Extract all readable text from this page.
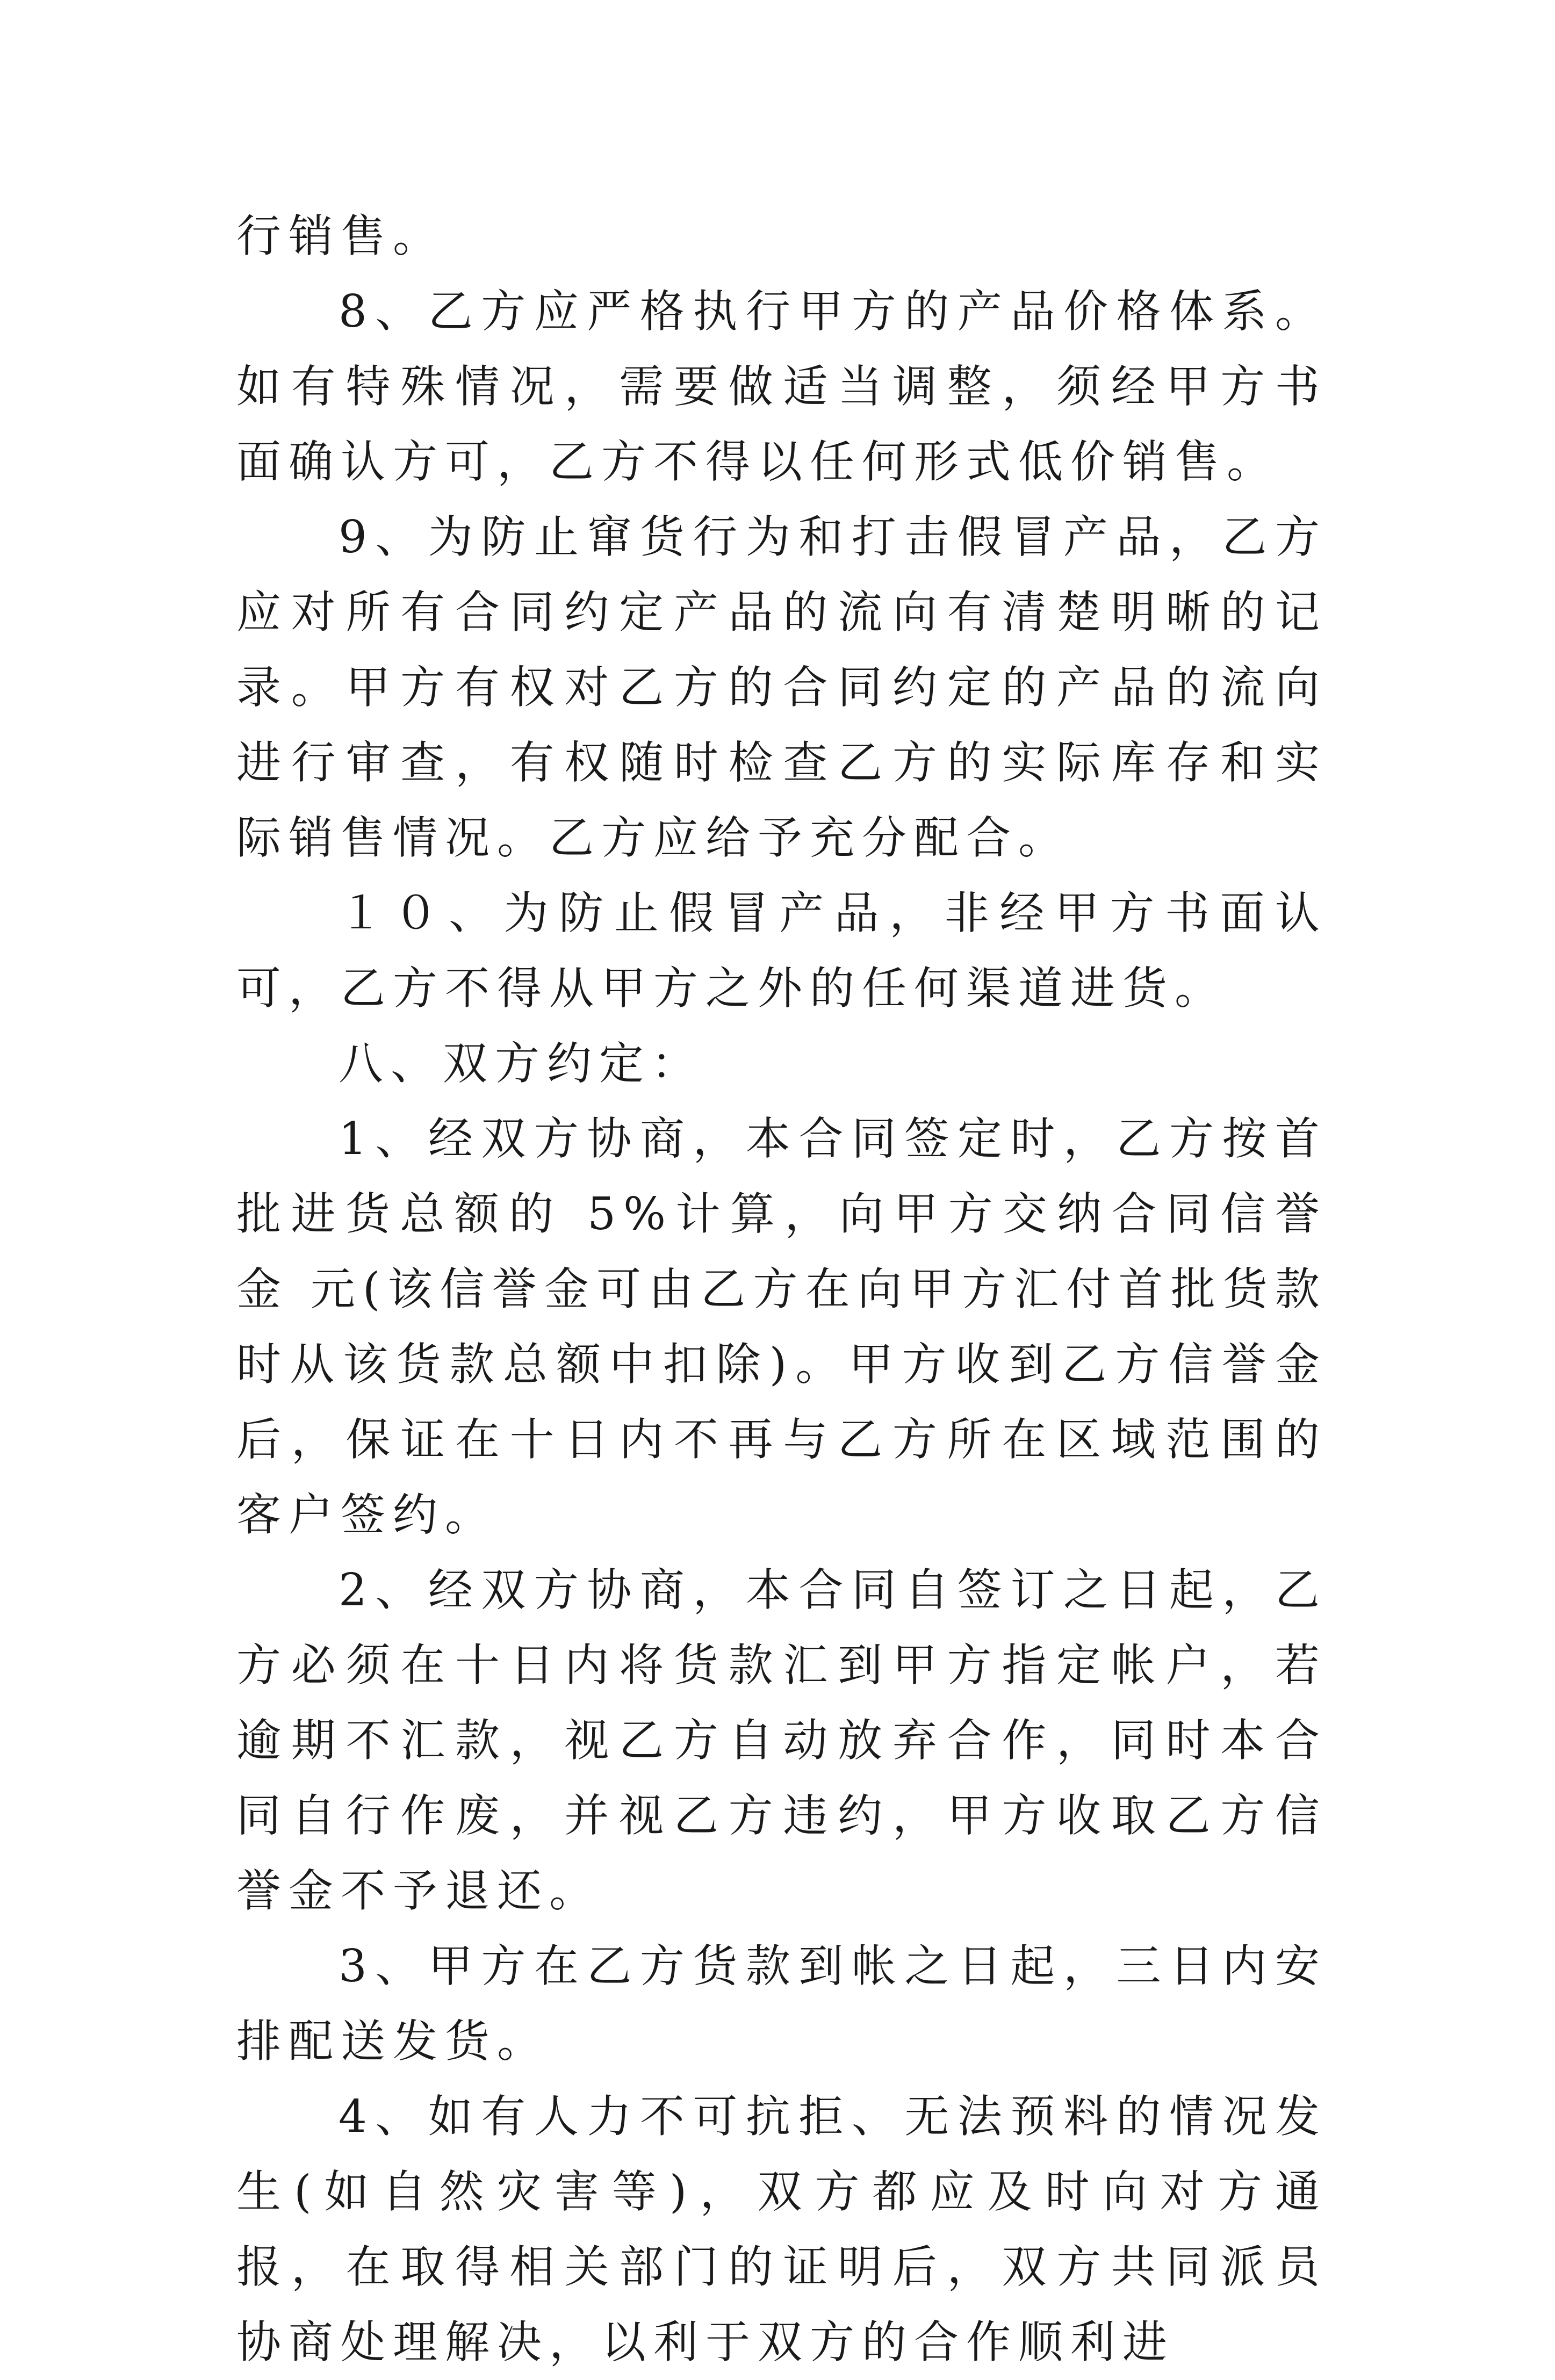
行销售。

8、乙方应严格执行甲方的产品价格体系。如有特殊情况，需要做适当调整，须经甲方书面确认方可，乙方不得以任何形式低价销售。

9、为防止窜货行为和打击假冒产品，乙方应对所有合同约定产品的流向有清楚明晰的记录。甲方有权对乙方的合同约定的产品的流向进行审查，有权随时检查乙方的实际库存和实际销售情况。乙方应给予充分配合。

１０、为防止假冒产品，非经甲方书面认可，乙方不得从甲方之外的任何渠道进货。

八、双方约定：

1、经双方协商，本合同签定时，乙方按首批进货总额的 5%计算，向甲方交纳合同信誉金 元(该信誉金可由乙方在向甲方汇付首批货款时从该货款总额中扣除)。甲方收到乙方信誉金后，保证在十日内不再与乙方所在区域范围的客户签约。

2、经双方协商，本合同自签订之日起，乙方必须在十日内将货款汇到甲方指定帐户，若逾期不汇款，视乙方自动放弃合作，同时本合同自行作废，并视乙方违约，甲方收取乙方信誉金不予退还。

3、甲方在乙方货款到帐之日起，三日内安排配送发货。

4、如有人力不可抗拒、无法预料的情况发生(如自然灾害等)，双方都应及时向对方通报，在取得相关部门的证明后，双方共同派员协商处理解决，以利于双方的合作顺利进
